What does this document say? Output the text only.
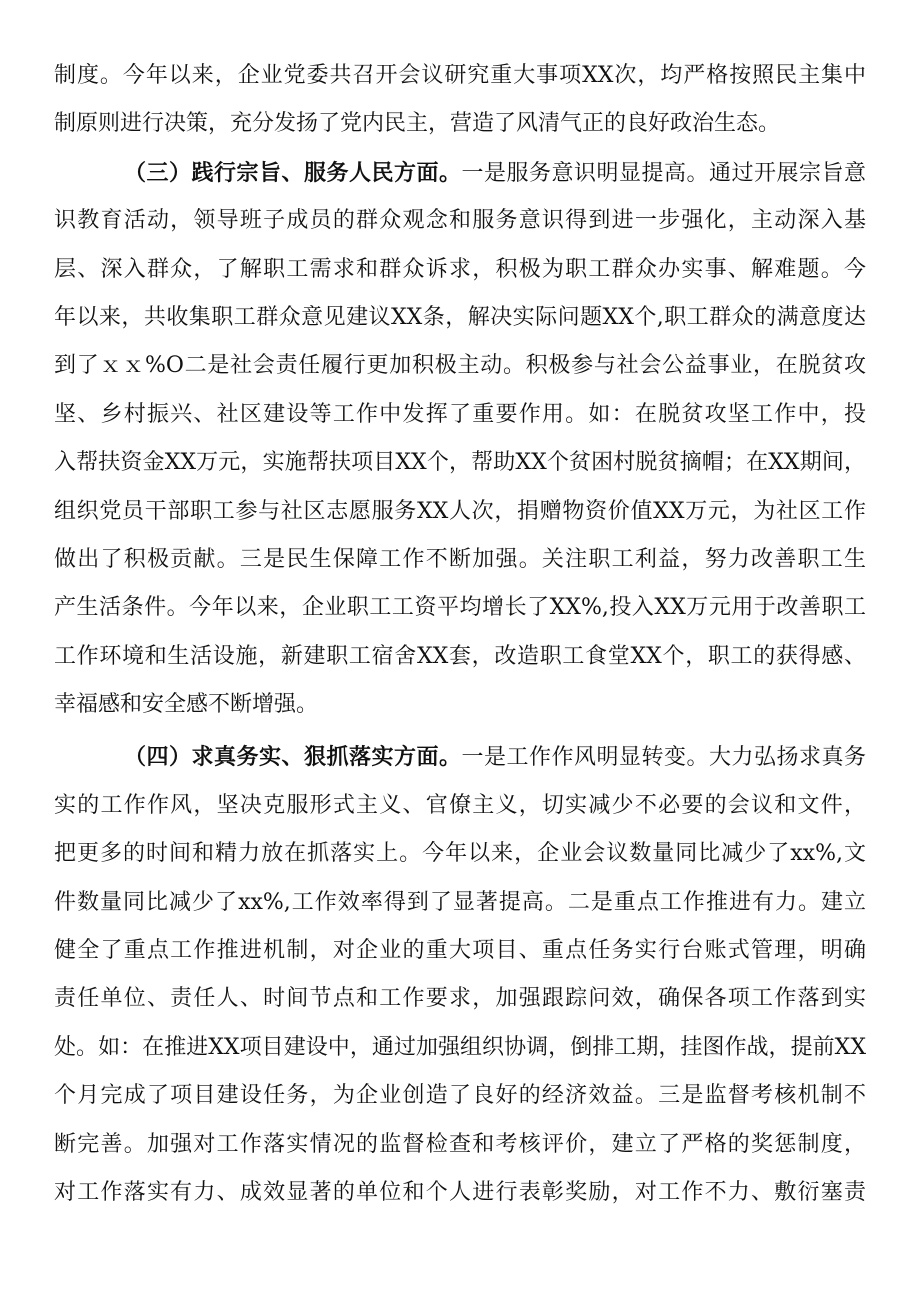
制度。今年以来，企业党委共召开会议研究重大事项XX次，均严格按照民主集中
制原则进行决策，充分发扬了党内民主，营造了风清气正的良好政治生态。
（三）践行宗旨、服务人民方面。一是服务意识明显提高。通过开展宗旨意
识教育活动，领导班子成员的群众观念和服务意识得到进一步强化，主动深入基
层、深入群众，了解职工需求和群众诉求，积极为职工群众办实事、解难题。今
年以来，共收集职工群众意见建议XX条，解决实际问题XX个,职工群众的满意度达
到了ｘｘ%O二是社会责任履行更加积极主动。积极参与社会公益事业，在脱贫攻
坚、乡村振兴、社区建设等工作中发挥了重要作用。如：在脱贫攻坚工作中，投
入帮扶资金XX万元，实施帮扶项目XX个，帮助XX个贫困村脱贫摘帽；在XX期间，
组织党员干部职工参与社区志愿服务XX人次，捐赠物资价值XX万元，为社区工作
做出了积极贡献。三是民生保障工作不断加强。关注职工利益，努力改善职工生
产生活条件。今年以来，企业职工工资平均增长了XX%,投入XX万元用于改善职工
工作环境和生活设施，新建职工宿舍XX套，改造职工食堂XX个，职工的获得感、
幸福感和安全感不断增强。
（四）求真务实、狠抓落实方面。一是工作作风明显转变。大力弘扬求真务
实的工作作风，坚决克服形式主义、官僚主义，切实减少不必要的会议和文件，
把更多的时间和精力放在抓落实上。今年以来，企业会议数量同比减少了xx%,文
件数量同比减少了xx%,工作效率得到了显著提高。二是重点工作推进有力。建立
健全了重点工作推进机制，对企业的重大项目、重点任务实行台账式管理，明确
责任单位、责任人、时间节点和工作要求，加强跟踪问效，确保各项工作落到实
处。如：在推进XX项目建设中，通过加强组织协调，倒排工期，挂图作战，提前XX
个月完成了项目建设任务，为企业创造了良好的经济效益。三是监督考核机制不
断完善。加强对工作落实情况的监督检查和考核评价，建立了严格的奖惩制度，
对工作落实有力、成效显著的单位和个人进行表彰奖励，对工作不力、敷衍塞责
